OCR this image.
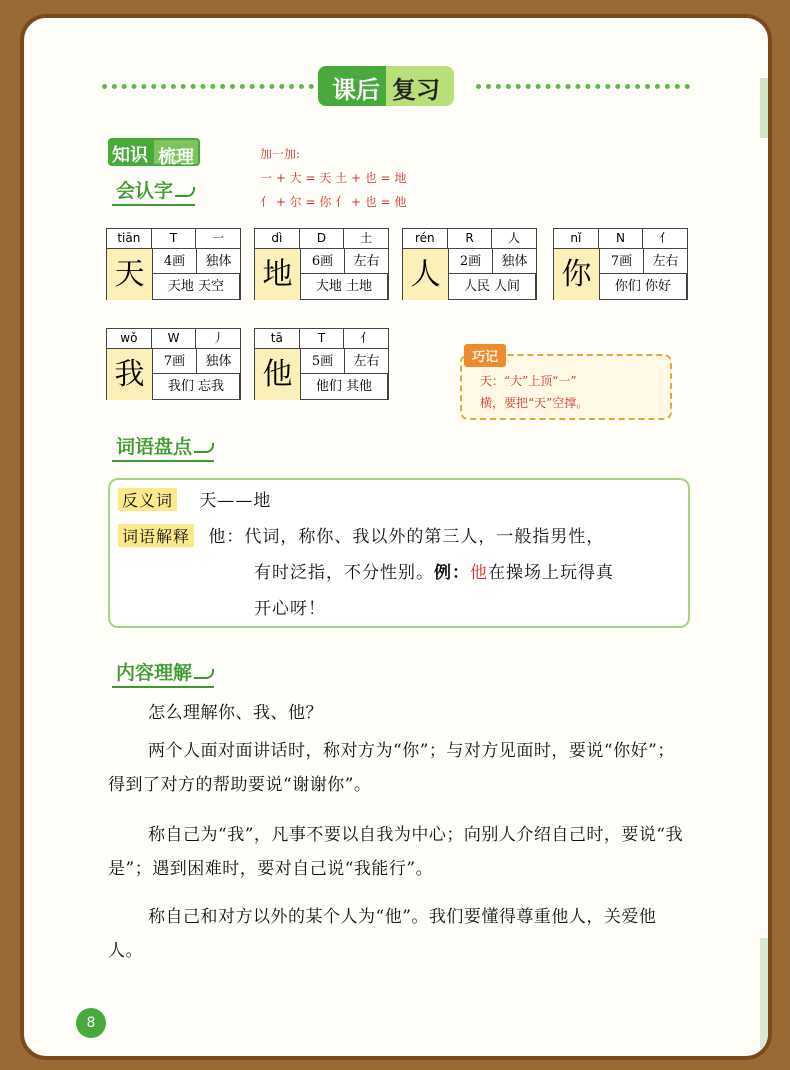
课后 复习
知识 梳理
会认字
加一加:
一 + 大 = 天 土 + 也 = 地
亻 + 尔 = 你 亻 + 也 = 他
tiān	T	一
天	4画	独体
天地 天空
dì	D	土
地	6画	左右
大地 土地
rén	R	人
人	2画	独体
人民 人间
nǐ	N	亻
你	7画	左右
你们 你好
wǒ	W	丿
我	7画	独体
我们 忘我
tā	T	亻
他	5画	左右
他们 其他
巧记
天：“大”上顶“一”
横，要把“天”空撑。
词语盘点
反义词 天——地
词语解释 他：代词，称你、我以外的第三人，一般指男性，
有时泛指，不分性别。例：他在操场上玩得真
开心呀！
内容理解
怎么理解你、我、他？
两个人面对面讲话时，称对方为“你”；与对方见面时，要说“你好”；得到了对方的帮助要说“谢谢你”。
称自己为“我”，凡事不要以自我为中心；向别人介绍自己时，要说“我是”；遇到困难时，要对自己说“我能行”。
称自己和对方以外的某个人为“他”。我们要懂得尊重他人，关爱他人。
8
